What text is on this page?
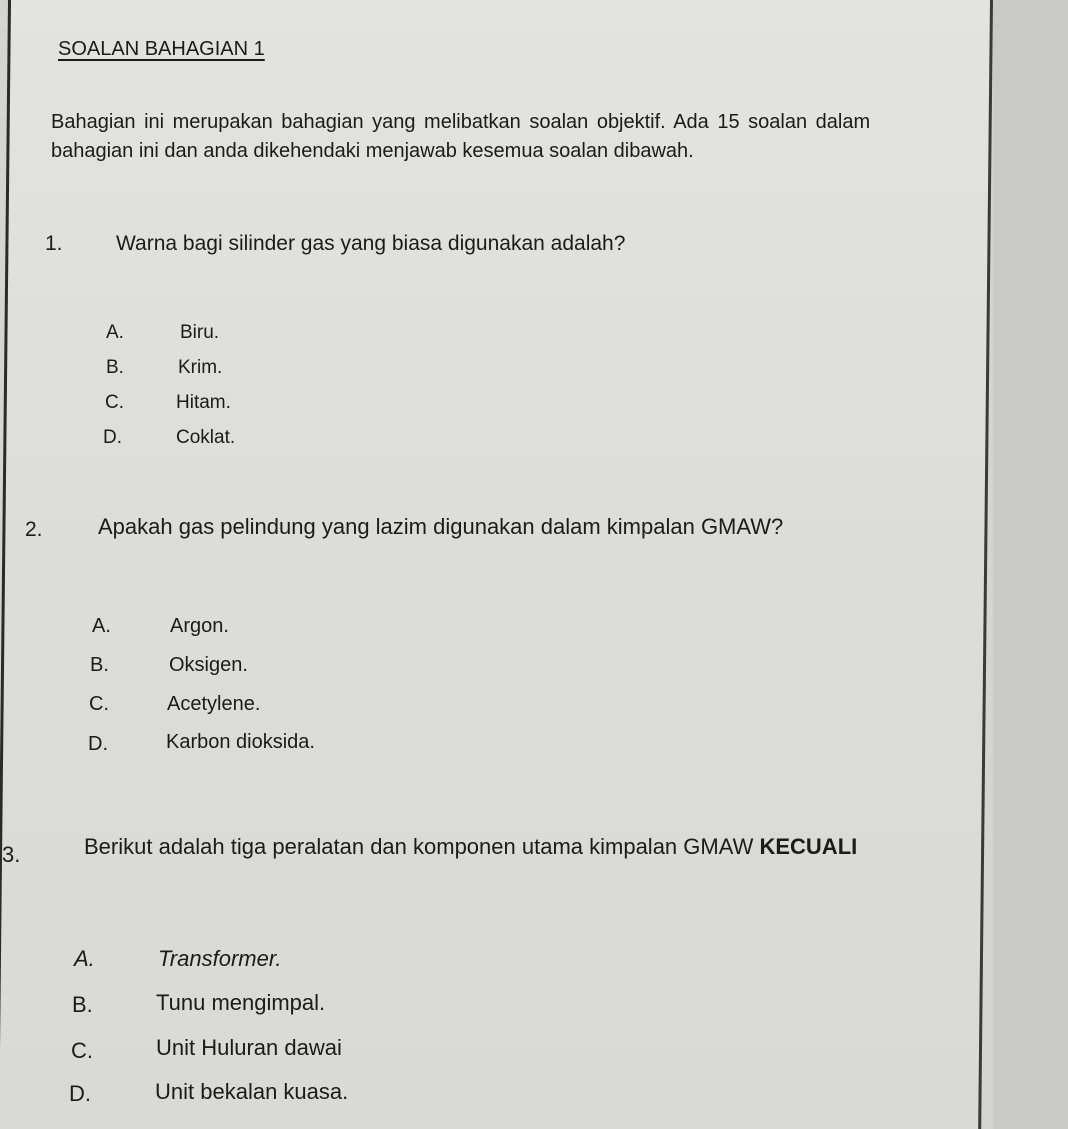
SOALAN BAHAGIAN 1
Bahagian ini merupakan bahagian yang melibatkan soalan objektif. Ada 15 soalan dalam
bahagian ini dan anda dikehendaki menjawab kesemua soalan dibawah.
1.	Warna bagi silinder gas yang biasa digunakan adalah?
A.	Biru.
B.	Krim.
C.	Hitam.
D.	Coklat.
2.	Apakah gas pelindung yang lazim digunakan dalam kimpalan GMAW?
A.	Argon.
B.	Oksigen.
C.	Acetylene.
D.	Karbon dioksida.
3.	Berikut adalah tiga peralatan dan komponen utama kimpalan GMAW KECUALI
A.	Transformer.
B.	Tunu mengimpal.
C.	Unit Huluran dawai
D.	Unit bekalan kuasa.
